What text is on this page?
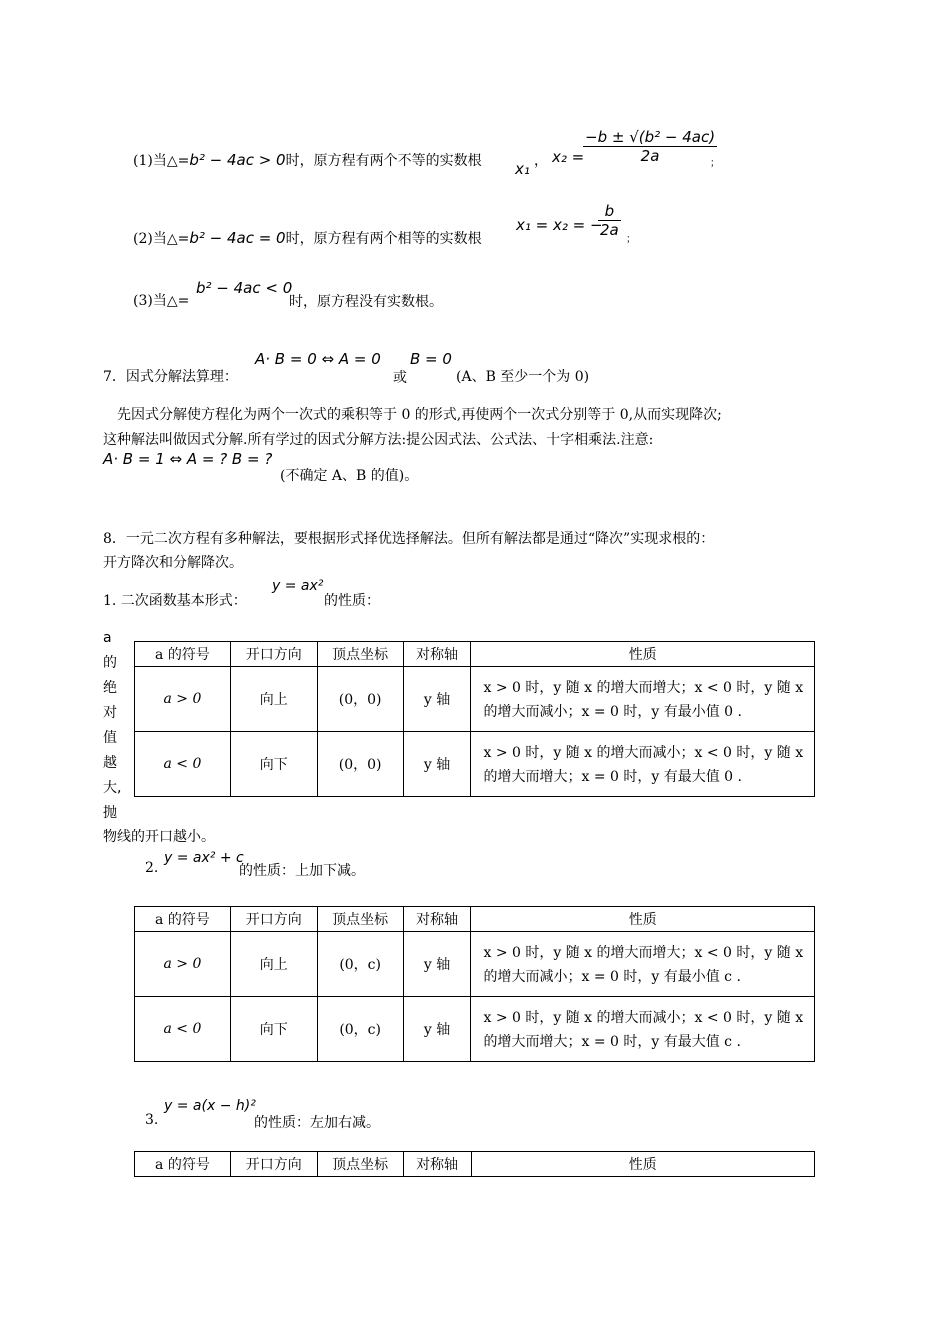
(1)当△=b² − 4ac > 0时，原方程有两个不等的实数根 x₁ ， x₂ =
$\frac{\text{−b ± √(b² − 4ac)}}{2a}$
；
(2)当△=b² − 4ac = 0时，原方程有两个相等的实数根
x₁ = x₂ = −
$\frac{b}{2a}$
；
(3)当△=
b² − 4ac < 0
时，原方程没有实数根。
7．因式分解法算理：
A· B = 0 ⇔ A = 0
或
B = 0
(A、B 至少一个为 0)
先因式分解使方程化为两个一次式的乘积等于 0 的形式,再使两个一次式分别等于 0,从而实现降次;
这种解法叫做因式分解.所有学过的因式分解方法:提公因式法、公式法、十字相乘法.注意:
A· B = 1 ⇔ A = ? B = ?
(不确定 A、B 的值)。
8．一元二次方程有多种解法，要根据形式择优选择解法。但所有解法都是通过“降次”实现求根的：
开方降次和分解降次。
1. 二次函数基本形式：
y = ax²
的性质：
a的绝对值越大,抛
物线的开口越小。
a 的符号	开口方向	顶点坐标	对称轴	性质
a > 0	向上	(0，0)	y 轴	x > 0 时，y 随 x 的增大而增大；x < 0 时，y 随 x 的增大而减小；x = 0 时，y 有最小值 0 .
a < 0	向下	(0，0)	y 轴	x > 0 时，y 随 x 的增大而减小；x < 0 时，y 随 x 的增大而增大；x = 0 时，y 有最大值 0 .
2.
y = ax² + c
的性质：上加下减。
a 的符号	开口方向	顶点坐标	对称轴	性质
a > 0	向上	(0，c)	y 轴	x > 0 时，y 随 x 的增大而增大；x < 0 时，y 随 x 的增大而减小；x = 0 时，y 有最小值 c .
a < 0	向下	(0，c)	y 轴	x > 0 时，y 随 x 的增大而减小；x < 0 时，y 随 x 的增大而增大；x = 0 时，y 有最大值 c .
3.
y = a(x − h)²
的性质：左加右减。
a 的符号	开口方向	顶点坐标	对称轴	性质
